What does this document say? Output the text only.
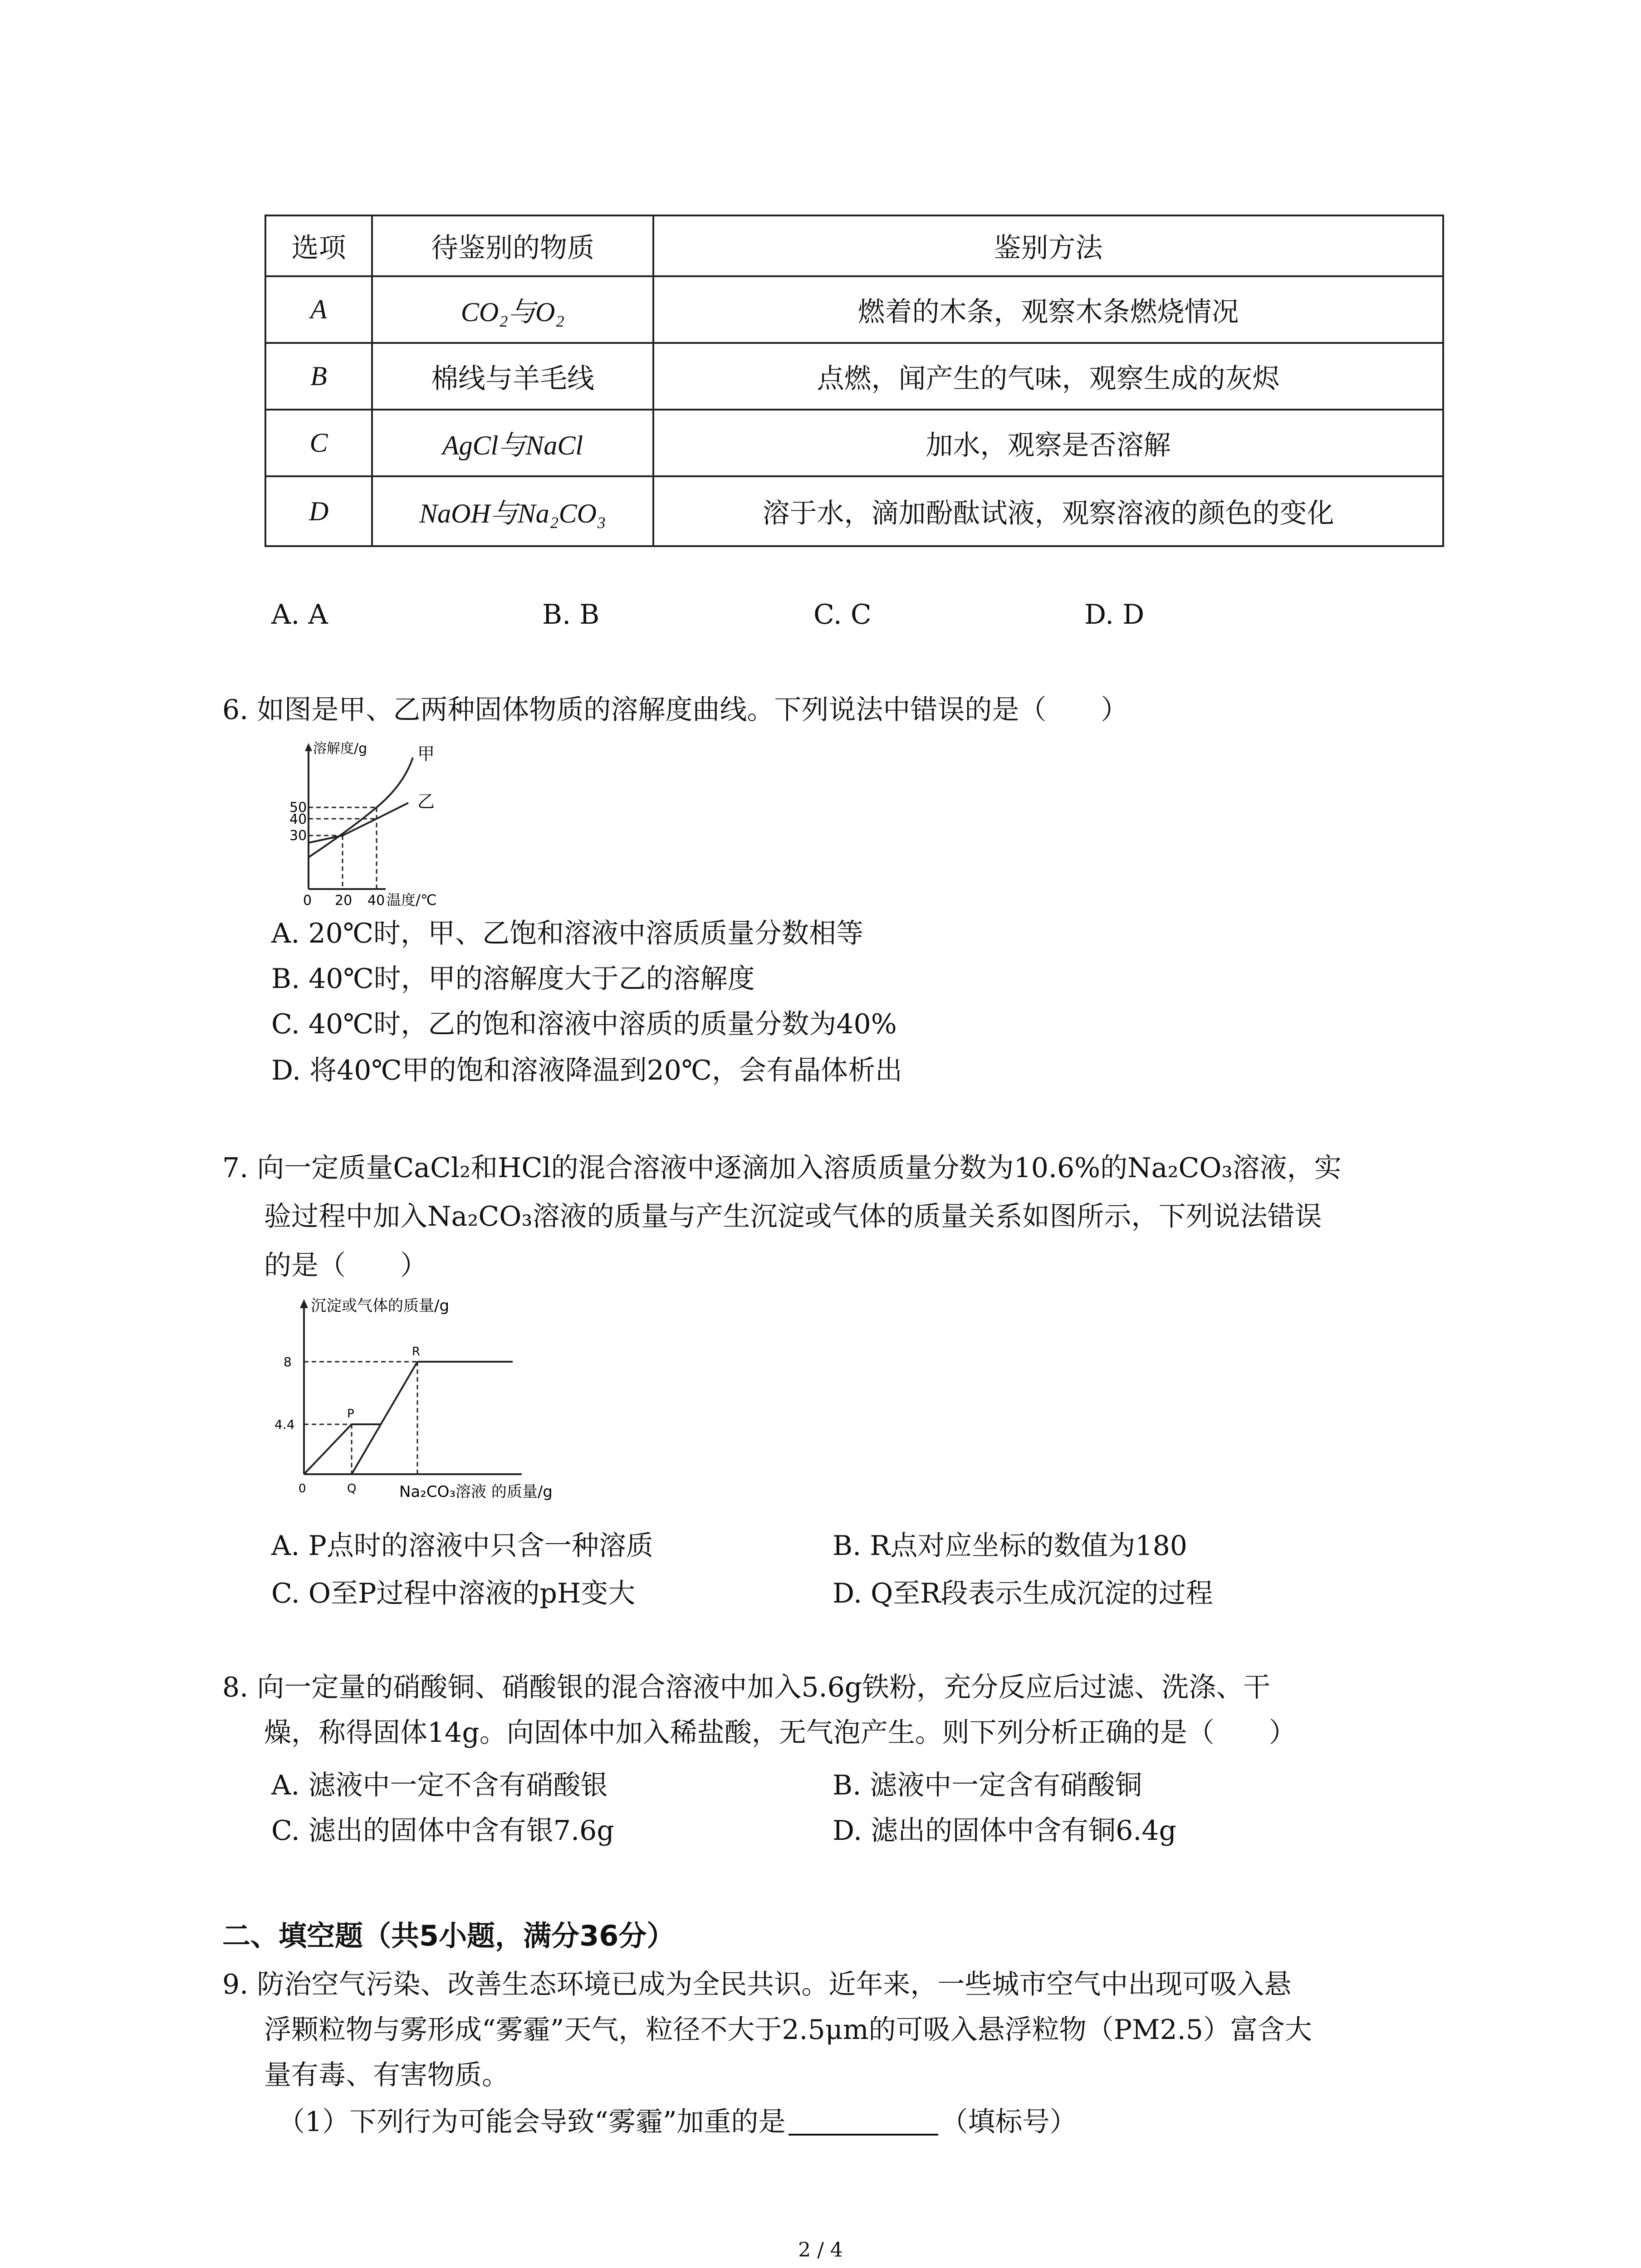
选项	待鉴别的物质	鉴别方法
A	CO₂与O₂	燃着的木条，观察木条燃烧情况
B	棉线与羊毛线	点燃，闻产生的气味，观察生成的灰烬
C	AgCl与NaCl	加水，观察是否溶解
D	NaOH与Na₂CO₃	溶于水，滴加酚酞试液，观察溶液的颜色的变化
A. A	B. B	C. C	D. D
6. 如图是甲、乙两种固体物质的溶解度曲线。下列说法中错误的是（　　）
溶解度/g
50
40
30
0 20 40 温度/℃
甲
乙
A. 20℃时，甲、乙饱和溶液中溶质质量分数相等
B. 40℃时，甲的溶解度大于乙的溶解度
C. 40℃时，乙的饱和溶液中溶质的质量分数为40%
D. 将40℃甲的饱和溶液降温到20℃，会有晶体析出
7. 向一定质量CaCl₂和HCl的混合溶液中逐滴加入溶质质量分数为10.6%的Na₂CO₃溶液，实
验过程中加入Na₂CO₃溶液的质量与产生沉淀或气体的质量关系如图所示，下列说法错误
的是（　　）
沉淀或气体的质量/g
8
4.4
P
R
Q
0	Na₂CO₃溶液 的质量/g
A. P点时的溶液中只含一种溶质	B. R点对应坐标的数值为180
C. O至P过程中溶液的pH变大	D. Q至R段表示生成沉淀的过程
8. 向一定量的硝酸铜、硝酸银的混合溶液中加入5.6g铁粉，充分反应后过滤、洗涤、干
燥，称得固体14g。向固体中加入稀盐酸，无气泡产生。则下列分析正确的是（　　）
A. 滤液中一定不含有硝酸银	B. 滤液中一定含有硝酸铜
C. 滤出的固体中含有银7.6g	D. 滤出的固体中含有铜6.4g
二、填空题（共5小题，满分36分）
9. 防治空气污染、改善生态环境已成为全民共识。近年来，一些城市空气中出现可吸入悬
浮颗粒物与雾形成“雾霾”天气，粒径不大于2.5μm的可吸入悬浮粒物（PM2.5）富含大
量有毒、有害物质。
（1）下列行为可能会导致“雾霾”加重的是	（填标号）
2 / 4
